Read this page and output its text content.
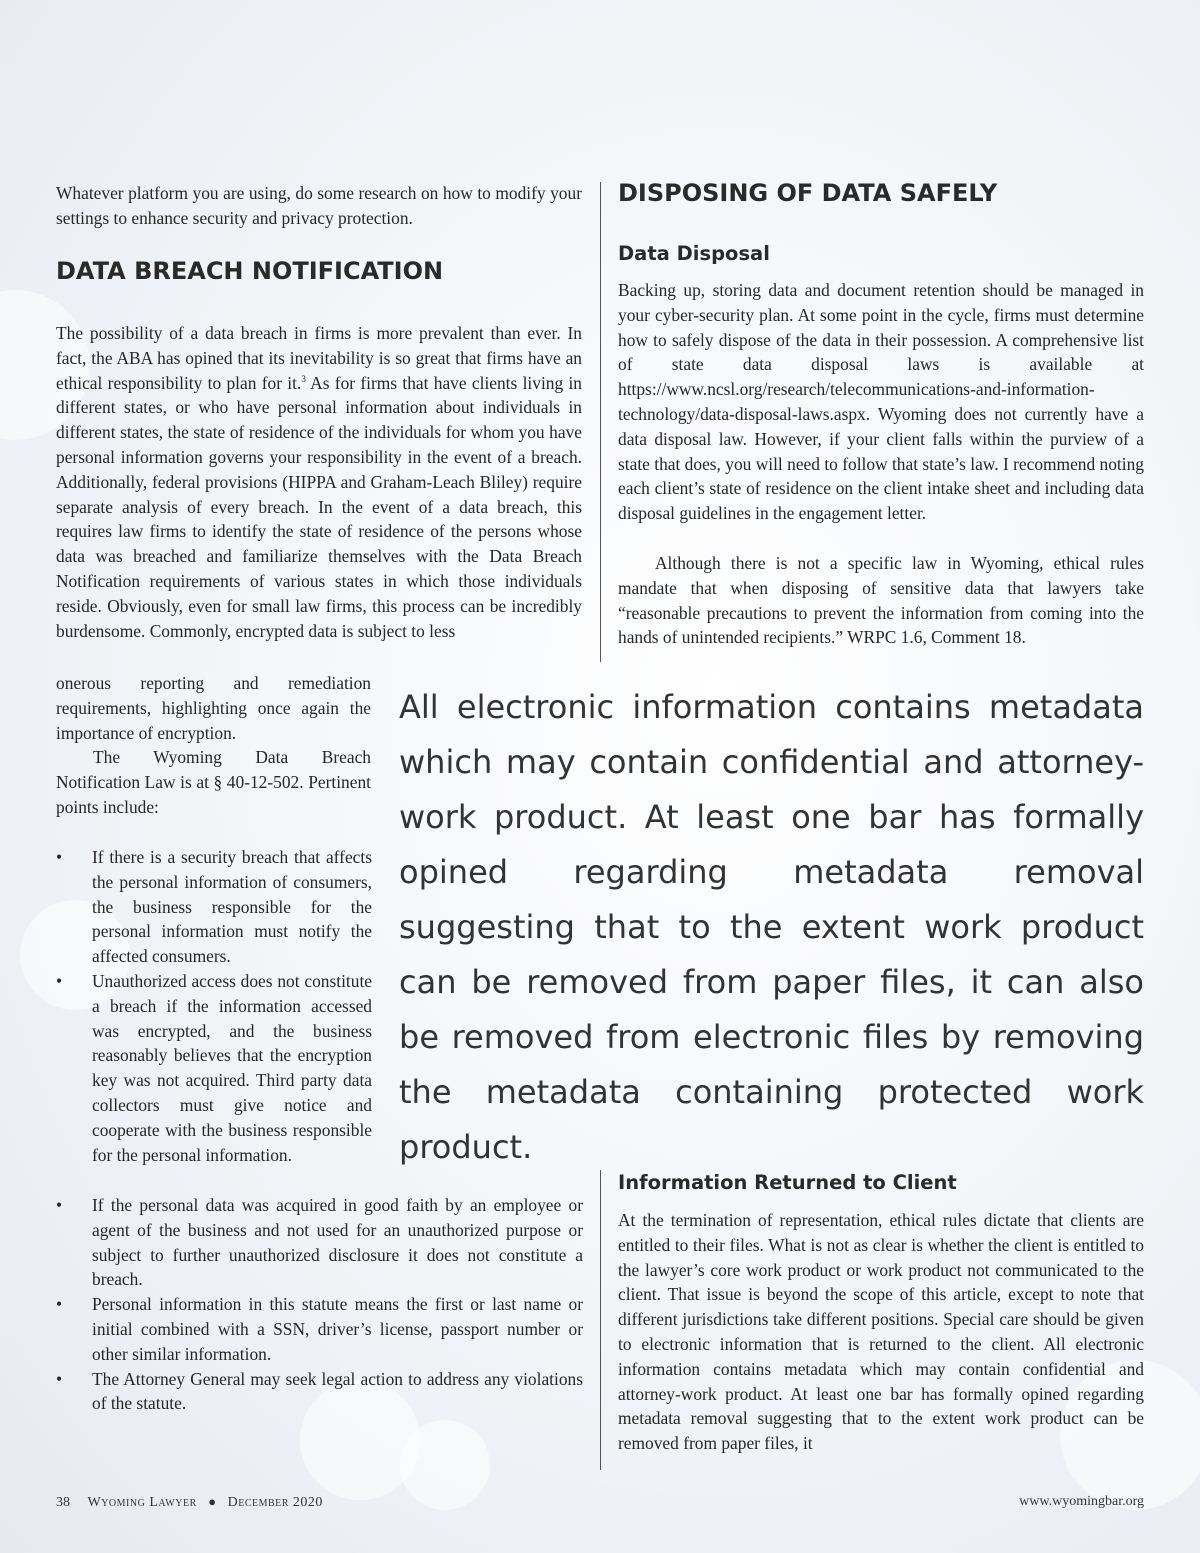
Whatever platform you are using, do some research on how to modify your settings to enhance security and privacy protection.

DATA BREACH NOTIFICATION

The possibility of a data breach in firms is more prevalent than ever. In fact, the ABA has opined that its inevitability is so great that firms have an ethical responsibility to plan for it.$^3$ As for firms that have clients living in different states, or who have personal information about individuals in different states, the state of residence of the individuals for whom you have personal information governs your responsibility in the event of a breach. Additionally, federal provisions (HIPPA and Graham-Leach Bliley) require separate analysis of every breach. In the event of a data breach, this requires law firms to identify the state of residence of the persons whose data was breached and familiarize themselves with the Data Breach Notification requirements of various states in which those individuals reside. Obviously, even for small law firms, this process can be incredibly burdensome. Commonly, encrypted data is subject to less

onerous reporting and remediation requirements, highlighting once again the importance of encryption.

The Wyoming Data Breach Notification Law is at § 40-12-502. Pertinent points include:

• If there is a security breach that affects the personal information of consumers, the business responsible for the personal information must notify the affected consumers.
• Unauthorized access does not constitute a breach if the information accessed was encrypted, and the business reasonably believes that the encryption key was not acquired. Third party data collectors must give notice and cooperate with the business responsible for the personal information.
• If the personal data was acquired in good faith by an employee or agent of the business and not used for an unauthorized purpose or subject to further unauthorized disclosure it does not constitute a breach.
• Personal information in this statute means the first or last name or initial combined with a SSN, driver’s license, passport number or other similar information.
• The Attorney General may seek legal action to address any violations of the statute.
DISPOSING OF DATA SAFELY
Data Disposal

Backing up, storing data and document retention should be managed in your cyber-security plan. At some point in the cycle, firms must determine how to safely dispose of the data in their possession. A comprehensive list of state data disposal laws is available at https://www.ncsl.org/research/telecommunications-and-information-technology/data-disposal-laws.aspx. Wyoming does not currently have a data disposal law. However, if your client falls within the purview of a state that does, you will need to follow that state’s law. I recommend noting each client’s state of residence on the client intake sheet and including data disposal guidelines in the engagement letter.

Although there is not a specific law in Wyoming, ethical rules mandate that when disposing of sensitive data that lawyers take “reasonable precautions to prevent the information from coming into the hands of unintended recipients.” WRPC 1.6, Comment 18.

All electronic information contains metadata which may contain confidential and attorney-work product. At least one bar has formally opined regarding metadata removal suggesting that to the extent work product can be removed from paper files, it can also be removed from electronic files by removing the metadata containing protected work product.

Information Returned to Client

At the termination of representation, ethical rules dictate that clients are entitled to their files. What is not as clear is whether the client is entitled to the lawyer’s core work product or work product not communicated to the client. That issue is beyond the scope of this article, except to note that different jurisdictions take different positions. Special care should be given to electronic information that is returned to the client. All electronic information contains metadata which may contain confidential and attorney-work product. At least one bar has formally opined regarding metadata removal suggesting that to the extent work product can be removed from paper files, it

38 Wyoming Lawyer ● December 2020	www.wyomingbar.org
